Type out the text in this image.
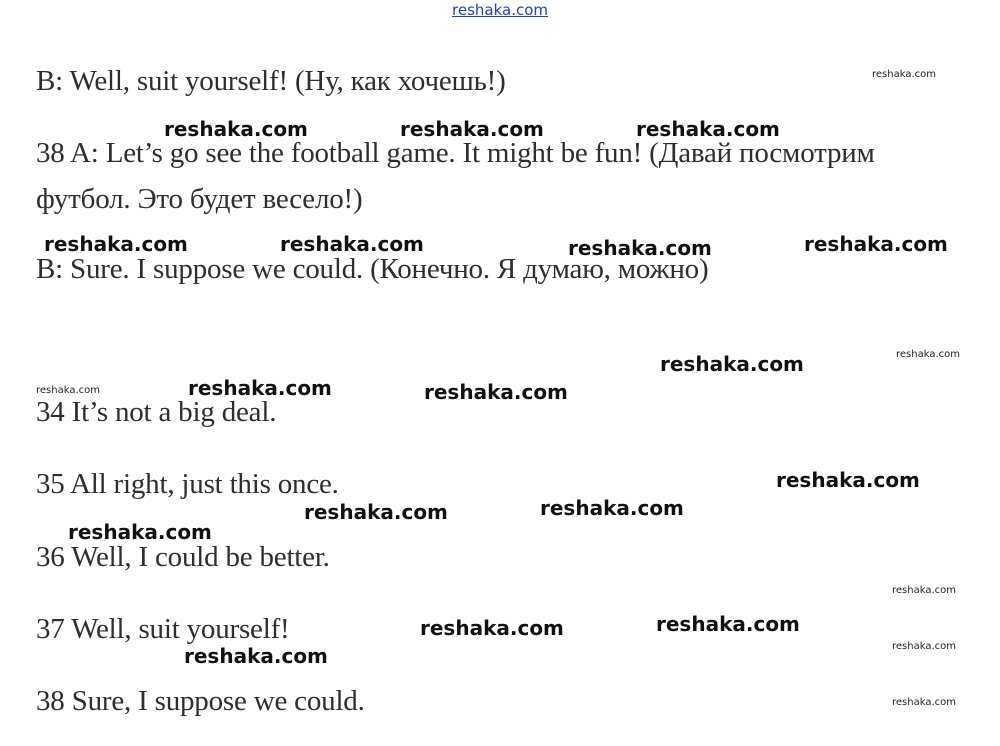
reshaka.com

B: Well, suit yourself! (Ну, как хочешь!)

38 A: Let’s go see the football game. It might be fun! (Давай посмотрим

футбол. Это будет весело!)

B: Sure. I suppose we could. (Конечно. Я думаю, можно)

34 It’s not a big deal.

35 All right, just this once.

36 Well, I could be better.

37 Well, suit yourself!

38 Sure, I suppose we could.

reshaka.com
reshaka.com	reshaka.com	reshaka.com
reshaka.com	reshaka.com	reshaka.com	reshaka.com
reshaka.com
reshaka.com
reshaka.com	reshaka.com	reshaka.com
reshaka.com
reshaka.com	reshaka.com
reshaka.com
reshaka.com
reshaka.com	reshaka.com
reshaka.com
reshaka.com
reshaka.com
